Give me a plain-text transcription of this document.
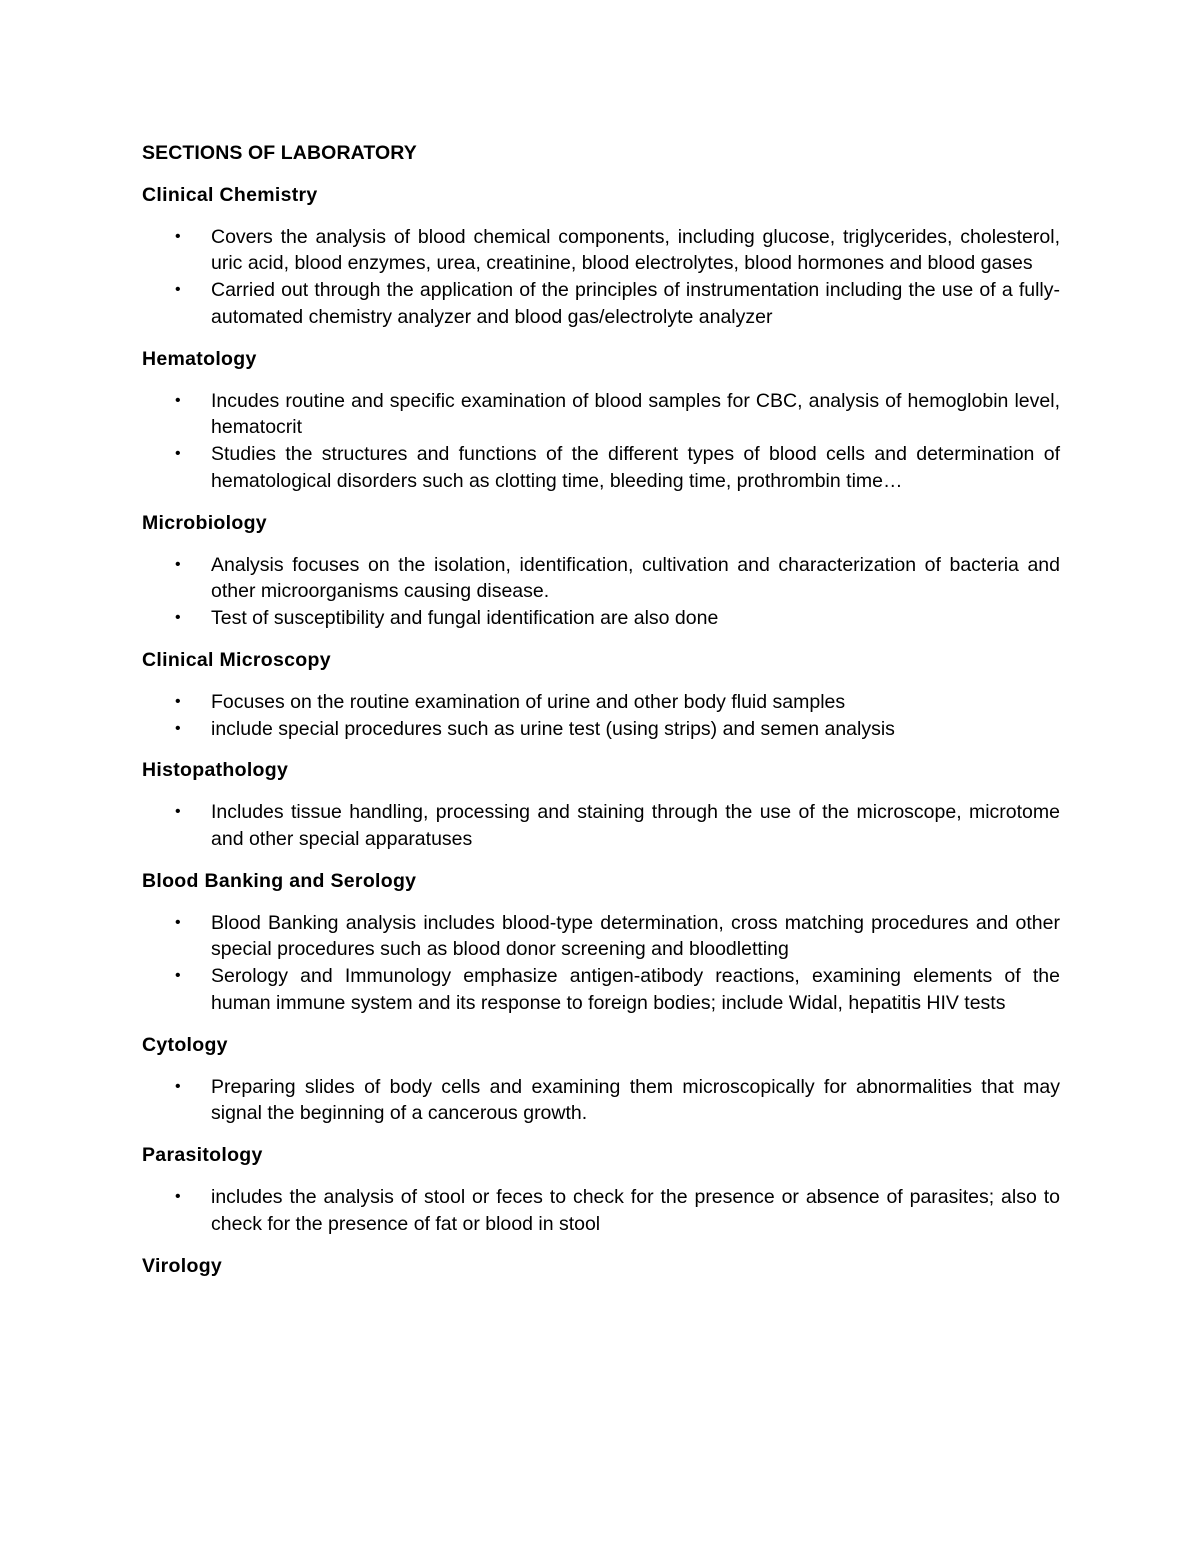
SECTIONS OF LABORATORY
Clinical Chemistry
•	Covers the analysis of blood chemical components, including glucose, triglycerides, cholesterol, uric acid, blood enzymes, urea, creatinine, blood electrolytes, blood hormones and blood gases
•	Carried out through the application of the principles of instrumentation including the use of a fully-automated chemistry analyzer and blood gas/electrolyte analyzer
Hematology
•	Incudes routine and specific examination of blood samples for CBC, analysis of hemoglobin level, hematocrit
•	Studies the structures and functions of the different types of blood cells and determination of hematological disorders such as clotting time, bleeding time, prothrombin time…
Microbiology
•	Analysis focuses on the isolation, identification, cultivation and characterization of bacteria and other microorganisms causing disease.
•	Test of susceptibility and fungal identification are also done
Clinical Microscopy
•	Focuses on the routine examination of urine and other body fluid samples
•	include special procedures such as urine test (using strips) and semen analysis
Histopathology
•	Includes tissue handling, processing and staining through the use of the microscope, microtome and other special apparatuses
Blood Banking and Serology
•	Blood Banking analysis includes blood-type determination, cross matching procedures and other special procedures such as blood donor screening and bloodletting
•	Serology and Immunology emphasize antigen-atibody reactions, examining elements of the human immune system and its response to foreign bodies; include Widal, hepatitis HIV tests
Cytology
•	Preparing slides of body cells and examining them microscopically for abnormalities that may signal the beginning of a cancerous growth.
Parasitology
•	includes the analysis of stool or feces to check for the presence or absence of parasites; also to check for the presence of fat or blood in stool
Virology
